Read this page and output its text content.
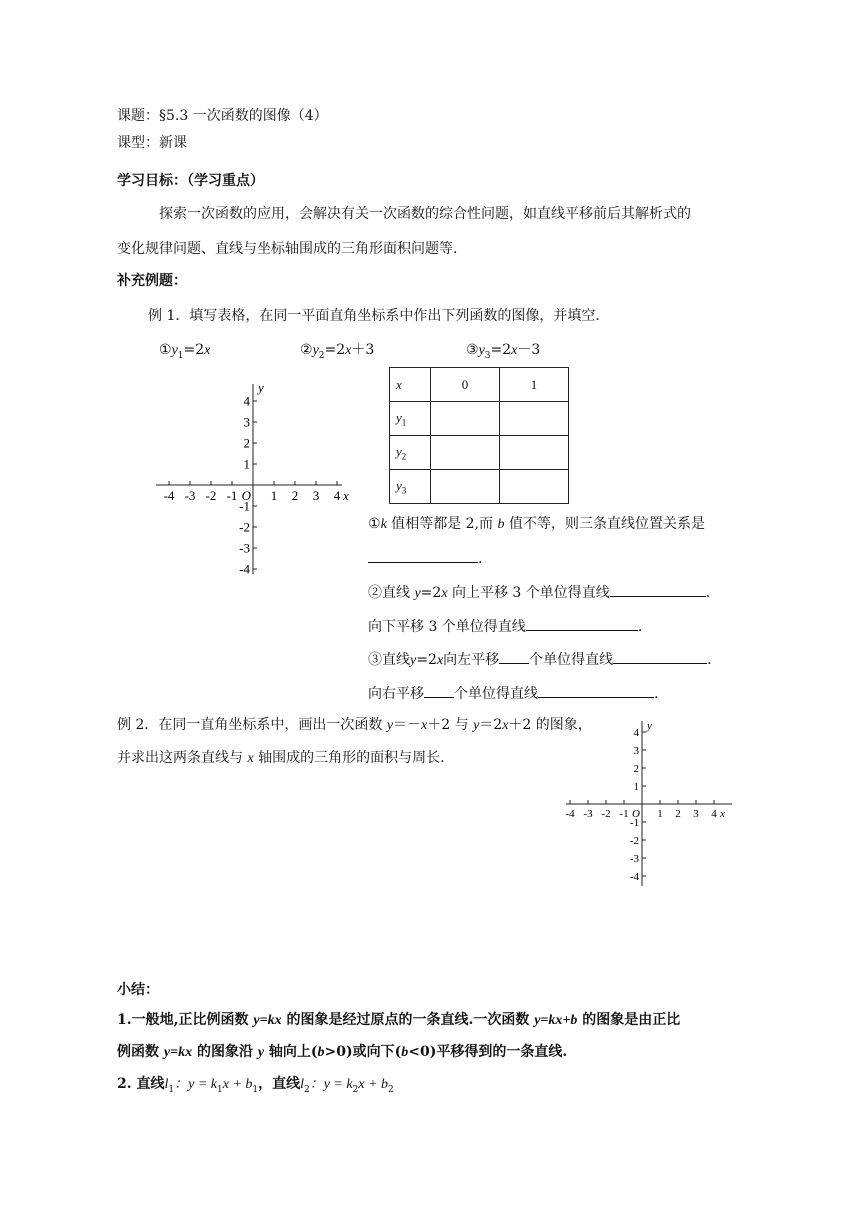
课题：§5.3 一次函数的图像（4）
课型：新课
学习目标：（学习重点）
探索一次函数的应用，会解决有关一次函数的综合性问题，如直线平移前后其解析式的
变化规律问题、直线与坐标轴围成的三角形面积问题等.
补充例题：
例 1．填写表格，在同一平面直角坐标系中作出下列函数的图像，并填空.
$①y_1=2x$	$②y_2=2x+3$	$③y_3=2x-3$
-4
-4
-3
-3
-2
-2
-1
-1
1
1
2
2
3
3
4
4
O	x
y	x	0	1
$y_1$		
$y_2$		
$y_3$		
①k 值相等都是 2,而 b 值不等，则三条直线位置关系是
.
②直线 y=2x 向上平移 3 个单位得直线	.
向下平移 3 个单位得直线	.
③直线y=2x向左平移 个单位得直线	.
向右平移 个单位得直线	.
例 2．在同一直角坐标系中，画出一次函数 y＝－x＋2 与 y＝2x＋2 的图象，
并求出这两条直线与 x 轴围成的三角形的面积与周长.
-4
-4
-3
-3
-2
-2
-1
-1
1
1
2
2
3
3
4
4
O	x
y
小结：
1.一般地,正比例函数 y=kx 的图象是经过原点的一条直线.一次函数 y=kx+b 的图象是由正比
例函数 y=kx 的图象沿 y 轴向上(b>0)或向下(b<0)平移得到的一条直线.
2. 直线$l_1$：$y = k_1x + b_1$，直线$l_2$：$y = k_2x + b_2$
